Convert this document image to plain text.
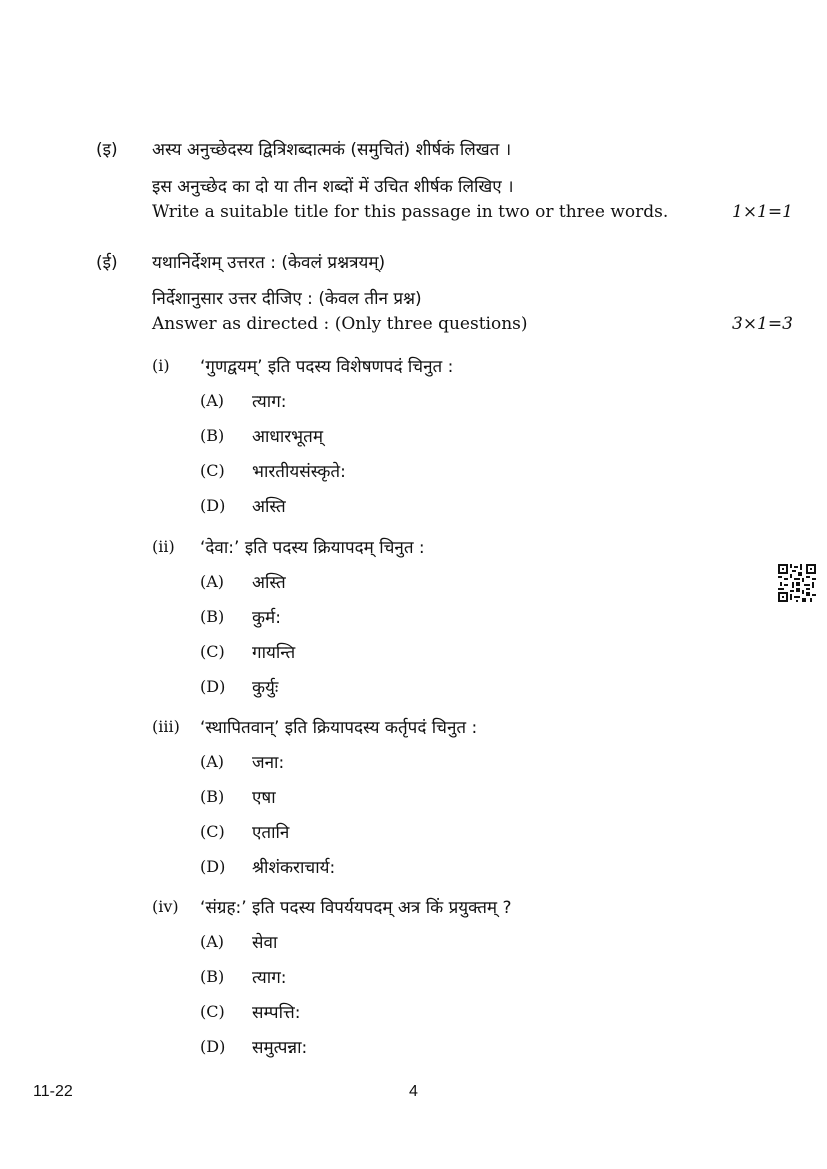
(इ) अस्य अनुच्छेदस्य द्वित्रिशब्दात्मकं (समुचितं) शीर्षकं लिखत ।
इस अनुच्छेद का दो या तीन शब्दों में उचित शीर्षक लिखिए ।
Write a suitable title for this passage in two or three words.	1×1=1
(ई) यथानिर्देशम् उत्तरत : (केवलं प्रश्नत्रयम्)
निर्देशानुसार उत्तर दीजिए : (केवल तीन प्रश्न)
Answer as directed : (Only three questions)	3×1=3
(i) ‘गुणद्वयम्’ इति पदस्य विशेषणपदं चिनुत :
(A) त्याग:
(B) आधारभूतम्
(C) भारतीयसंस्कृते:
(D) अस्ति
(ii) ‘देवा:’ इति पदस्य क्रियापदम् चिनुत :
(A) अस्ति
(B) कुर्म:
(C) गायन्ति
(D) कुर्युः
(iii) ‘स्थापितवान्’ इति क्रियापदस्य कर्तृपदं चिनुत :
(A) जना:
(B) एषा
(C) एतानि
(D) श्रीशंकराचार्य:
(iv) ‘संग्रह:’ इति पदस्य विपर्ययपदम् अत्र किं प्रयुक्तम् ?
(A) सेवा
(B) त्याग:
(C) सम्पत्ति:
(D) समुत्पन्ना:
11-22	4
